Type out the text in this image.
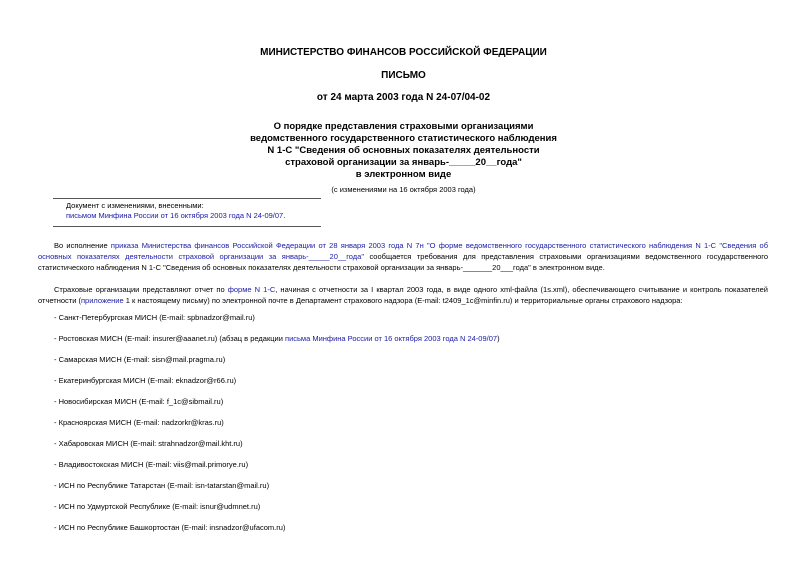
МИНИСТЕРСТВО ФИНАНСОВ РОССИЙСКОЙ ФЕДЕРАЦИИ
ПИСЬМО
от 24 марта 2003 года N 24-07/04-02
О порядке представления страховыми организациями
ведомственного государственного статистического наблюдения
N 1-С "Сведения об основных показателях деятельности
страховой организации за январь-_____20__года"
в электронном виде
(с изменениями на 16 октября 2003 года)
Документ с изменениями, внесенными:
письмом Минфина России от 16 октября 2003 года N 24-09/07.
Во исполнение приказа Министерства финансов Российской Федерации от 28 января 2003 года N 7н "О форме ведомственного государственного статистического наблюдения N 1-С "Сведения об основных показателях деятельности страховой организации за январь-_____20__года" сообщается требования для представления страховыми организациями ведомственного государственного статистического наблюдения N 1-С "Сведения об основных показателях деятельности страховой организации за январь-_______20___года" в электронном виде.
Страховые организации представляют отчет по форме N 1-С, начиная с отчетности за I квартал 2003 года, в виде одного xml-файла (1s.xml), обеспечивающего считывание и контроль показателей отчетности (приложение 1 к настоящему письму) по электронной почте в Департамент страхового надзора (E-mail: t2409_1c@minfin.ru) и территориальные органы страхового надзора:
- Санкт-Петербургская МИСН (E-mail: spbnadzor@mail.ru)
- Ростовская МИСН (E-mail: insurer@aaanet.ru) (абзац в редакции письма Минфина России от 16 октября 2003 года N 24-09/07)
- Самарская МИСН (E-mail: sisn@mail.pragma.ru)
- Екатеринбургская МИСН (E-mail: eknadzor@r66.ru)
- Новосибирская МИСН (E-mail: f_1c@sibmail.ru)
- Красноярская МИСН (E-mail: nadzorkr@kras.ru)
- Хабаровская МИСН (E-mail: strahnadzor@mail.kht.ru)
- Владивостокская МИСН (E-mail: viis@mail.primorye.ru)
- ИСН по Республике Татарстан (E-mail: isn-tatarstan@mail.ru)
- ИСН по Удмуртской Республике (E-mail: isnur@udmnet.ru)
- ИСН по Республике Башкортостан (E-mail: insnadzor@ufacom.ru)
